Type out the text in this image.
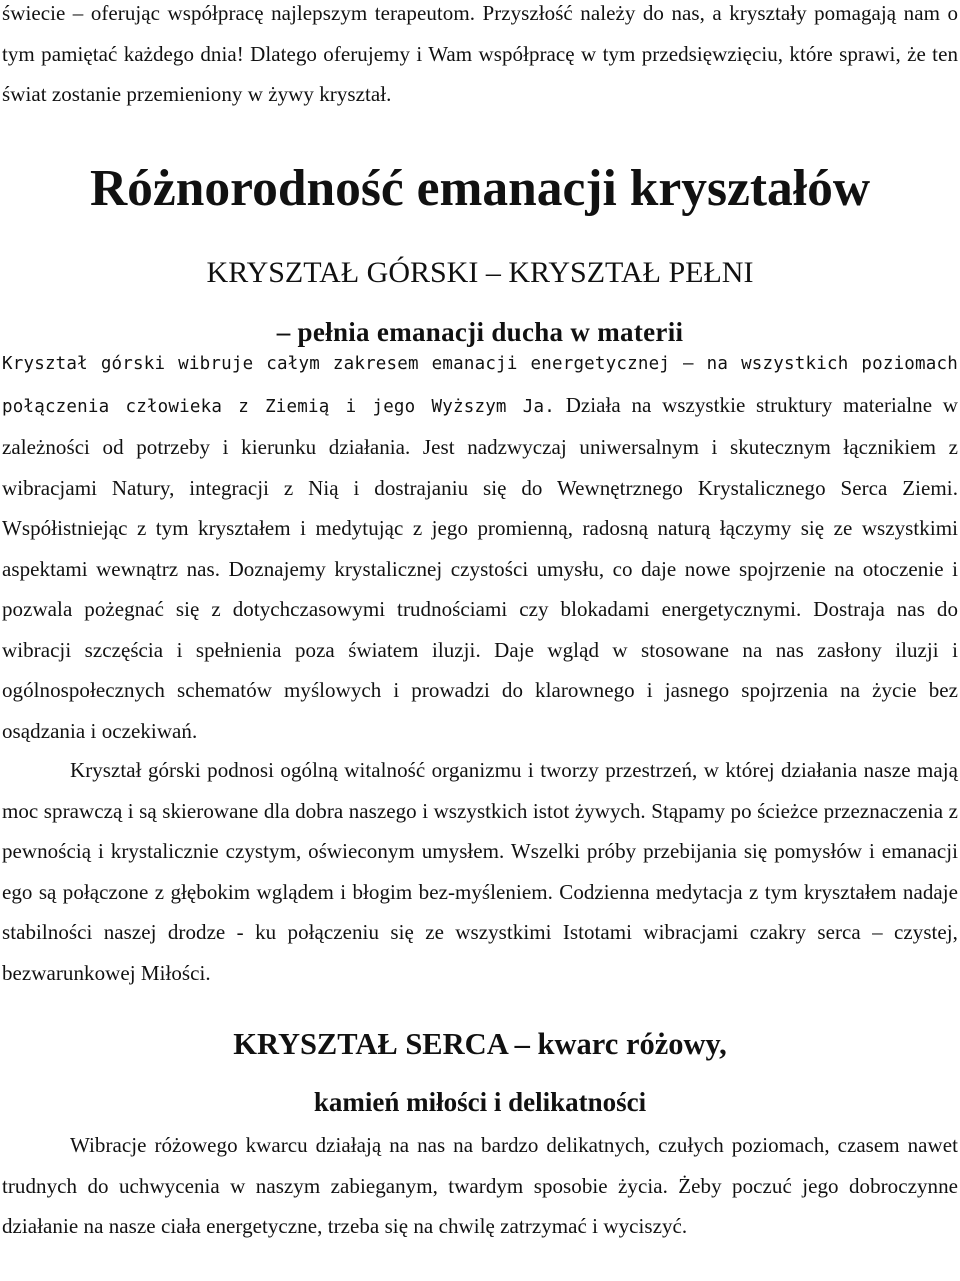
świecie – oferując współpracę najlepszym terapeutom. Przyszłość należy do nas, a kryształy pomagają nam o tym pamiętać każdego dnia! Dlatego oferujemy i Wam współpracę w tym przedsięwzięciu, które sprawi, że ten świat zostanie przemieniony w żywy kryształ.

Różnorodność emanacji kryształów
KRYSZTAŁ GÓRSKI – KRYSZTAŁ PEŁNI
– pełnia emanacji ducha w materii

Kryształ górski wibruje całym zakresem emanacji energetycznej – na wszystkich poziomach połączenia człowieka z Ziemią i jego Wyższym Ja. Działa na wszystkie struktury materialne w zależności od potrzeby i kierunku działania. Jest nadzwyczaj uniwersalnym i skutecznym łącznikiem z wibracjami Natury, integracji z Nią i dostrajaniu się do Wewnętrznego Krystalicznego Serca Ziemi. Współistniejąc z tym kryształem i medytując z jego promienną, radosną naturą łączymy się ze wszystkimi aspektami wewnątrz nas. Doznajemy krystalicznej czystości umysłu, co daje nowe spojrzenie na otoczenie i pozwala pożegnać się z dotychczasowymi trudnościami czy blokadami energetycznymi. Dostraja nas do wibracji szczęścia i spełnienia poza światem iluzji. Daje wgląd w stosowane na nas zasłony iluzji i ogólnospołecznych schematów myślowych i prowadzi do klarownego i jasnego spojrzenia na życie bez osądzania i oczekiwań.

Kryształ górski podnosi ogólną witalność organizmu i tworzy przestrzeń, w której działania nasze mają moc sprawczą i są skierowane dla dobra naszego i wszystkich istot żywych. Stąpamy po ścieżce przeznaczenia z pewnością i krystalicznie czystym, oświeconym umysłem. Wszelki próby przebijania się pomysłów i emanacji ego są połączone z głębokim wglądem i błogim bez-myśleniem. Codzienna medytacja z tym kryształem nadaje stabilności naszej drodze - ku połączeniu się ze wszystkimi Istotami wibracjami czakry serca – czystej, bezwarunkowej Miłości.

KRYSZTAŁ SERCA – kwarc różowy,
kamień miłości i delikatności

Wibracje różowego kwarcu działają na nas na bardzo delikatnych, czułych poziomach, czasem nawet trudnych do uchwycenia w naszym zabieganym, twardym sposobie życia. Żeby poczuć jego dobroczynne działanie na nasze ciała energetyczne, trzeba się na chwilę zatrzymać i wyciszyć.
